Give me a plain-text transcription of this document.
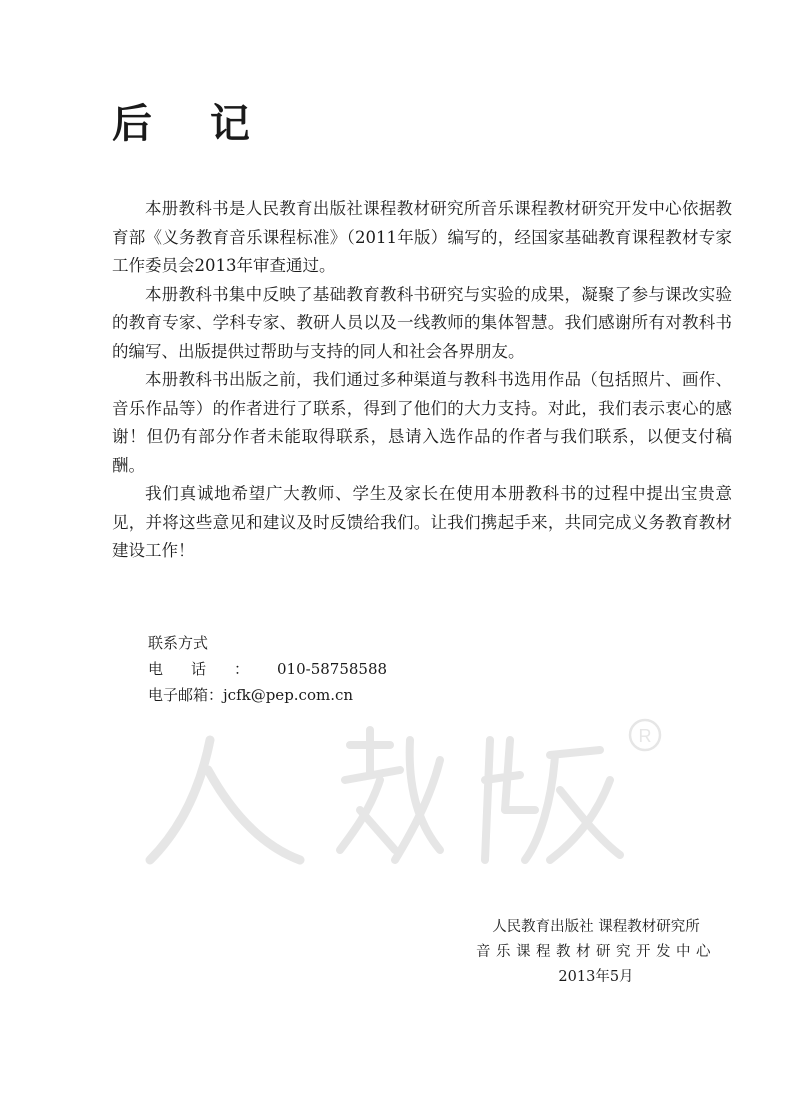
后 记

本册教科书是人民教育出版社课程教材研究所音乐课程教材研究开发中心依据教育部《义务教育音乐课程标准》（2011年版）编写的，经国家基础教育课程教材专家工作委员会2013年审查通过。

本册教科书集中反映了基础教育教科书研究与实验的成果，凝聚了参与课改实验的教育专家、学科专家、教研人员以及一线教师的集体智慧。我们感谢所有对教科书的编写、出版提供过帮助与支持的同人和社会各界朋友。

本册教科书出版之前，我们通过多种渠道与教科书选用作品（包括照片、画作、音乐作品等）的作者进行了联系，得到了他们的大力支持。对此，我们表示衷心的感谢！但仍有部分作者未能取得联系，恳请入选作品的作者与我们联系，以便支付稿酬。

我们真诚地希望广大教师、学生及家长在使用本册教科书的过程中提出宝贵意见，并将这些意见和建议及时反馈给我们。让我们携起手来，共同完成义务教育教材建设工作！

联系方式
电话：010-58758588
电子邮箱：jcfk@pep.com.cn
R
人民教育出版社 课程教材研究所
音乐课程教材研究开发中心
2013年5月
